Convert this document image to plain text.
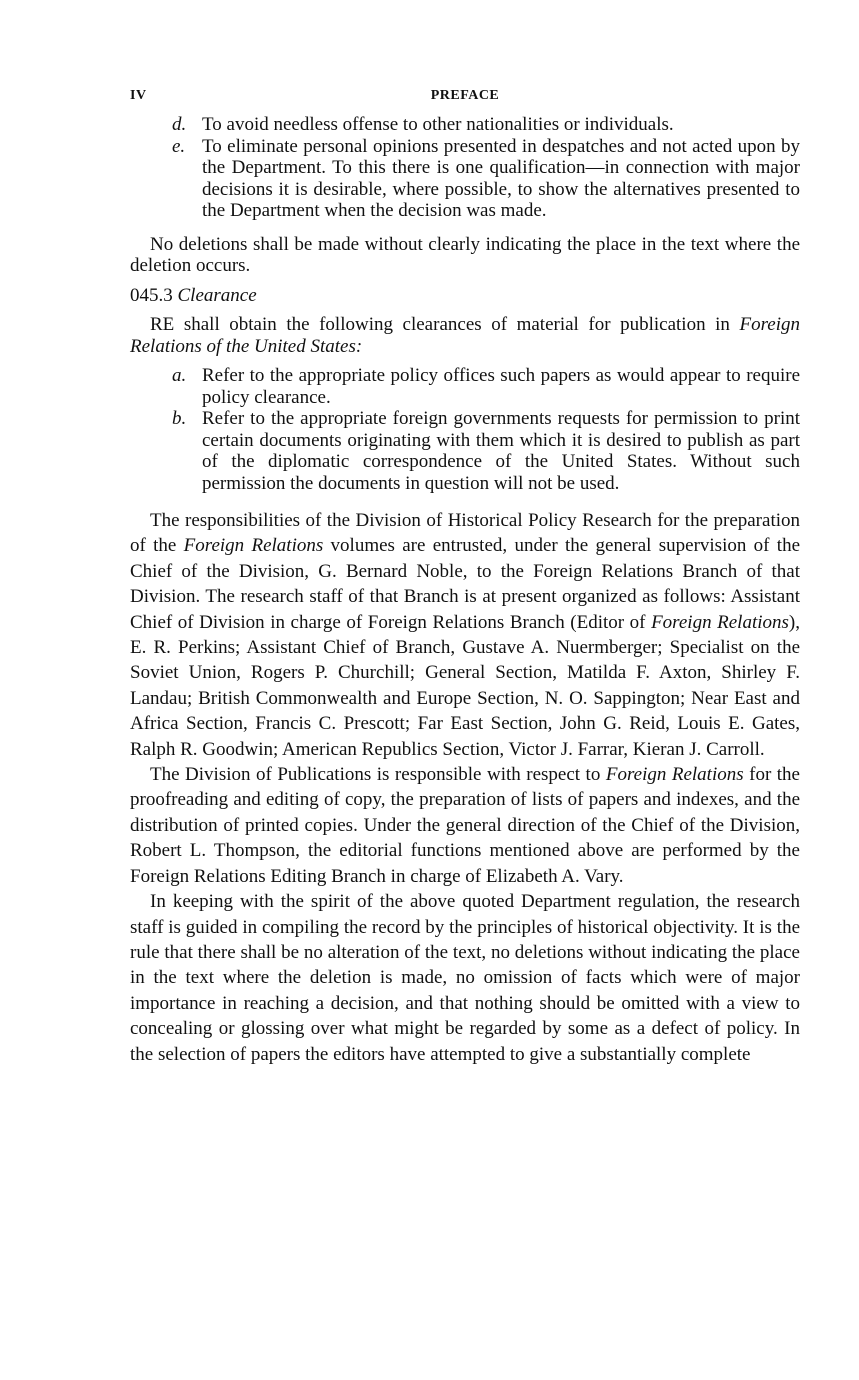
IV	PREFACE
d. To avoid needless offense to other nationalities or individuals.
e. To eliminate personal opinions presented in despatches and not acted upon by the Department. To this there is one qualification—in connection with major decisions it is desirable, where possible, to show the alternatives presented to the Department when the decision was made.

No deletions shall be made without clearly indicating the place in the text where the deletion occurs.

045.3 Clearance

RE shall obtain the following clearances of material for publication in Foreign Relations of the United States:

a. Refer to the appropriate policy offices such papers as would appear to require policy clearance.
b. Refer to the appropriate foreign governments requests for permission to print certain documents originating with them which it is desired to publish as part of the diplomatic correspondence of the United States. Without such permission the documents in question will not be used.

The responsibilities of the Division of Historical Policy Research for the preparation of the Foreign Relations volumes are entrusted, under the general supervision of the Chief of the Division, G. Bernard Noble, to the Foreign Relations Branch of that Division. The research staff of that Branch is at present organized as follows: Assistant Chief of Division in charge of Foreign Relations Branch (Editor of Foreign Relations), E. R. Perkins; Assistant Chief of Branch, Gustave A. Nuermberger; Specialist on the Soviet Union, Rogers P. Churchill; General Section, Matilda F. Axton, Shirley F. Landau; British Commonwealth and Europe Section, N. O. Sappington; Near East and Africa Section, Francis C. Prescott; Far East Section, John G. Reid, Louis E. Gates, Ralph R. Goodwin; American Republics Section, Victor J. Farrar, Kieran J. Carroll.

The Division of Publications is responsible with respect to Foreign Relations for the proofreading and editing of copy, the preparation of lists of papers and indexes, and the distribution of printed copies. Under the general direction of the Chief of the Division, Robert L. Thompson, the editorial functions mentioned above are performed by the Foreign Relations Editing Branch in charge of Elizabeth A. Vary.

In keeping with the spirit of the above quoted Department regulation, the research staff is guided in compiling the record by the principles of historical objectivity. It is the rule that there shall be no alteration of the text, no deletions without indicating the place in the text where the deletion is made, no omission of facts which were of major importance in reaching a decision, and that nothing should be omitted with a view to concealing or glossing over what might be regarded by some as a defect of policy. In the selection of papers the editors have attempted to give a substantially complete
